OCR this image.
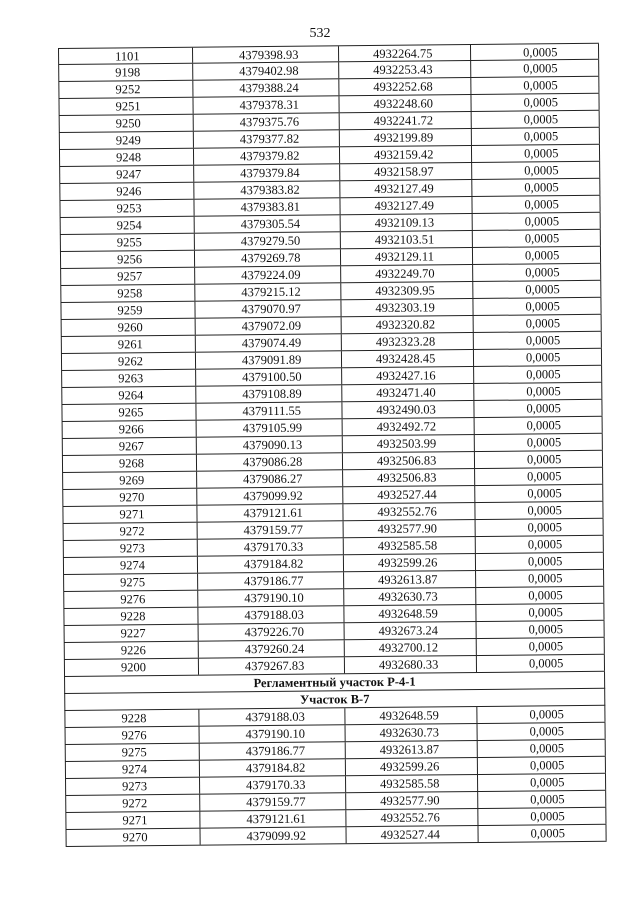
532
1101	4379398.93	4932264.75	0,0005
9198	4379402.98	4932253.43	0,0005
9252	4379388.24	4932252.68	0,0005
9251	4379378.31	4932248.60	0,0005
9250	4379375.76	4932241.72	0,0005
9249	4379377.82	4932199.89	0,0005
9248	4379379.82	4932159.42	0,0005
9247	4379379.84	4932158.97	0,0005
9246	4379383.82	4932127.49	0,0005
9253	4379383.81	4932127.49	0,0005
9254	4379305.54	4932109.13	0,0005
9255	4379279.50	4932103.51	0,0005
9256	4379269.78	4932129.11	0,0005
9257	4379224.09	4932249.70	0,0005
9258	4379215.12	4932309.95	0,0005
9259	4379070.97	4932303.19	0,0005
9260	4379072.09	4932320.82	0,0005
9261	4379074.49	4932323.28	0,0005
9262	4379091.89	4932428.45	0,0005
9263	4379100.50	4932427.16	0,0005
9264	4379108.89	4932471.40	0,0005
9265	4379111.55	4932490.03	0,0005
9266	4379105.99	4932492.72	0,0005
9267	4379090.13	4932503.99	0,0005
9268	4379086.28	4932506.83	0,0005
9269	4379086.27	4932506.83	0,0005
9270	4379099.92	4932527.44	0,0005
9271	4379121.61	4932552.76	0,0005
9272	4379159.77	4932577.90	0,0005
9273	4379170.33	4932585.58	0,0005
9274	4379184.82	4932599.26	0,0005
9275	4379186.77	4932613.87	0,0005
9276	4379190.10	4932630.73	0,0005
9228	4379188.03	4932648.59	0,0005
9227	4379226.70	4932673.24	0,0005
9226	4379260.24	4932700.12	0,0005
9200	4379267.83	4932680.33	0,0005
Регламентный участок Р-4-1
Участок В-7
9228	4379188.03	4932648.59	0,0005
9276	4379190.10	4932630.73	0,0005
9275	4379186.77	4932613.87	0,0005
9274	4379184.82	4932599.26	0,0005
9273	4379170.33	4932585.58	0,0005
9272	4379159.77	4932577.90	0,0005
9271	4379121.61	4932552.76	0,0005
9270	4379099.92	4932527.44	0,0005
